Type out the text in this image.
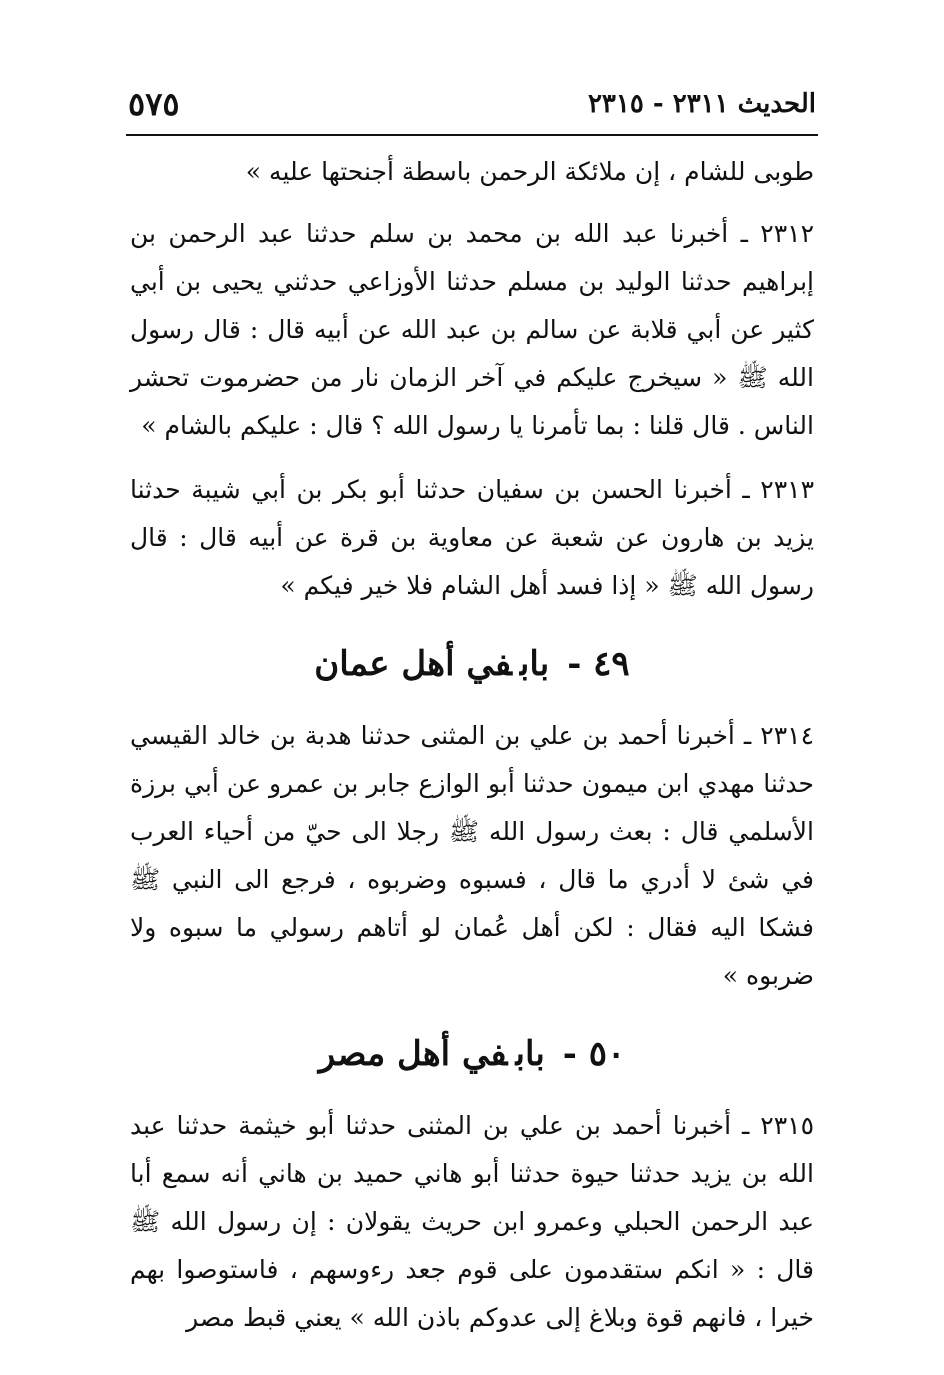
الحديث ٢٣١١ - ٢٣١٥
٥٧٥

طوبى للشام ، إن ملائكة الرحمن باسطة أجنحتها عليه »

٢٣١٢ ـ أخبرنا عبد الله بن محمد بن سلم حدثنا عبد الرحمن بن إبراهيم حدثنا الوليد بن مسلم حدثنا الأوزاعي حدثني يحيى بن أبي كثير عن أبي قلابة عن سالم بن عبد الله عن أبيه قال : قال رسول الله ﷺ « سيخرج عليكم في آخر الزمان نار من حضرموت تحشر الناس . قال قلنا : بما تأمرنا يا رسول الله ؟ قال : عليكم بالشام »

٢٣١٣ ـ أخبرنا الحسن بن سفيان حدثنا أبو بكر بن أبي شيبة حدثنا يزيد بن هارون عن شعبة عن معاوية بن قرة عن أبيه قال : قال رسول الله ﷺ « إذا فسد أهل الشام فلا خير فيكم »

٤٩ -بابفي أهل عمان

٢٣١٤ ـ أخبرنا أحمد بن علي بن المثنى حدثنا هدبة بن خالد القيسي حدثنا مهدي ابن ميمون حدثنا أبو الوازع جابر بن عمرو عن أبي برزة الأسلمي قال : بعث رسول الله ﷺ رجلا الى حيّ من أحياء العرب في شئ لا أدري ما قال ، فسبوه وضربوه ، فرجع الى النبي ﷺ فشكا اليه فقال : لكن أهل عُمان لو أتاهم رسولي ما سبوه ولا ضربوه »

٥٠ -بابفي أهل مصر

٢٣١٥ ـ أخبرنا أحمد بن علي بن المثنى حدثنا أبو خيثمة حدثنا عبد الله بن يزيد حدثنا حيوة حدثنا أبو هاني حميد بن هاني أنه سمع أبا عبد الرحمن الحبلي وعمرو ابن حريث يقولان : إن رسول الله ﷺ قال : « انكم ستقدمون على قوم جعد رءوسهم ، فاستوصوا بهم خيرا ، فانهم قوة وبلاغ إلى عدوكم باذن الله » يعني قبط مصر
